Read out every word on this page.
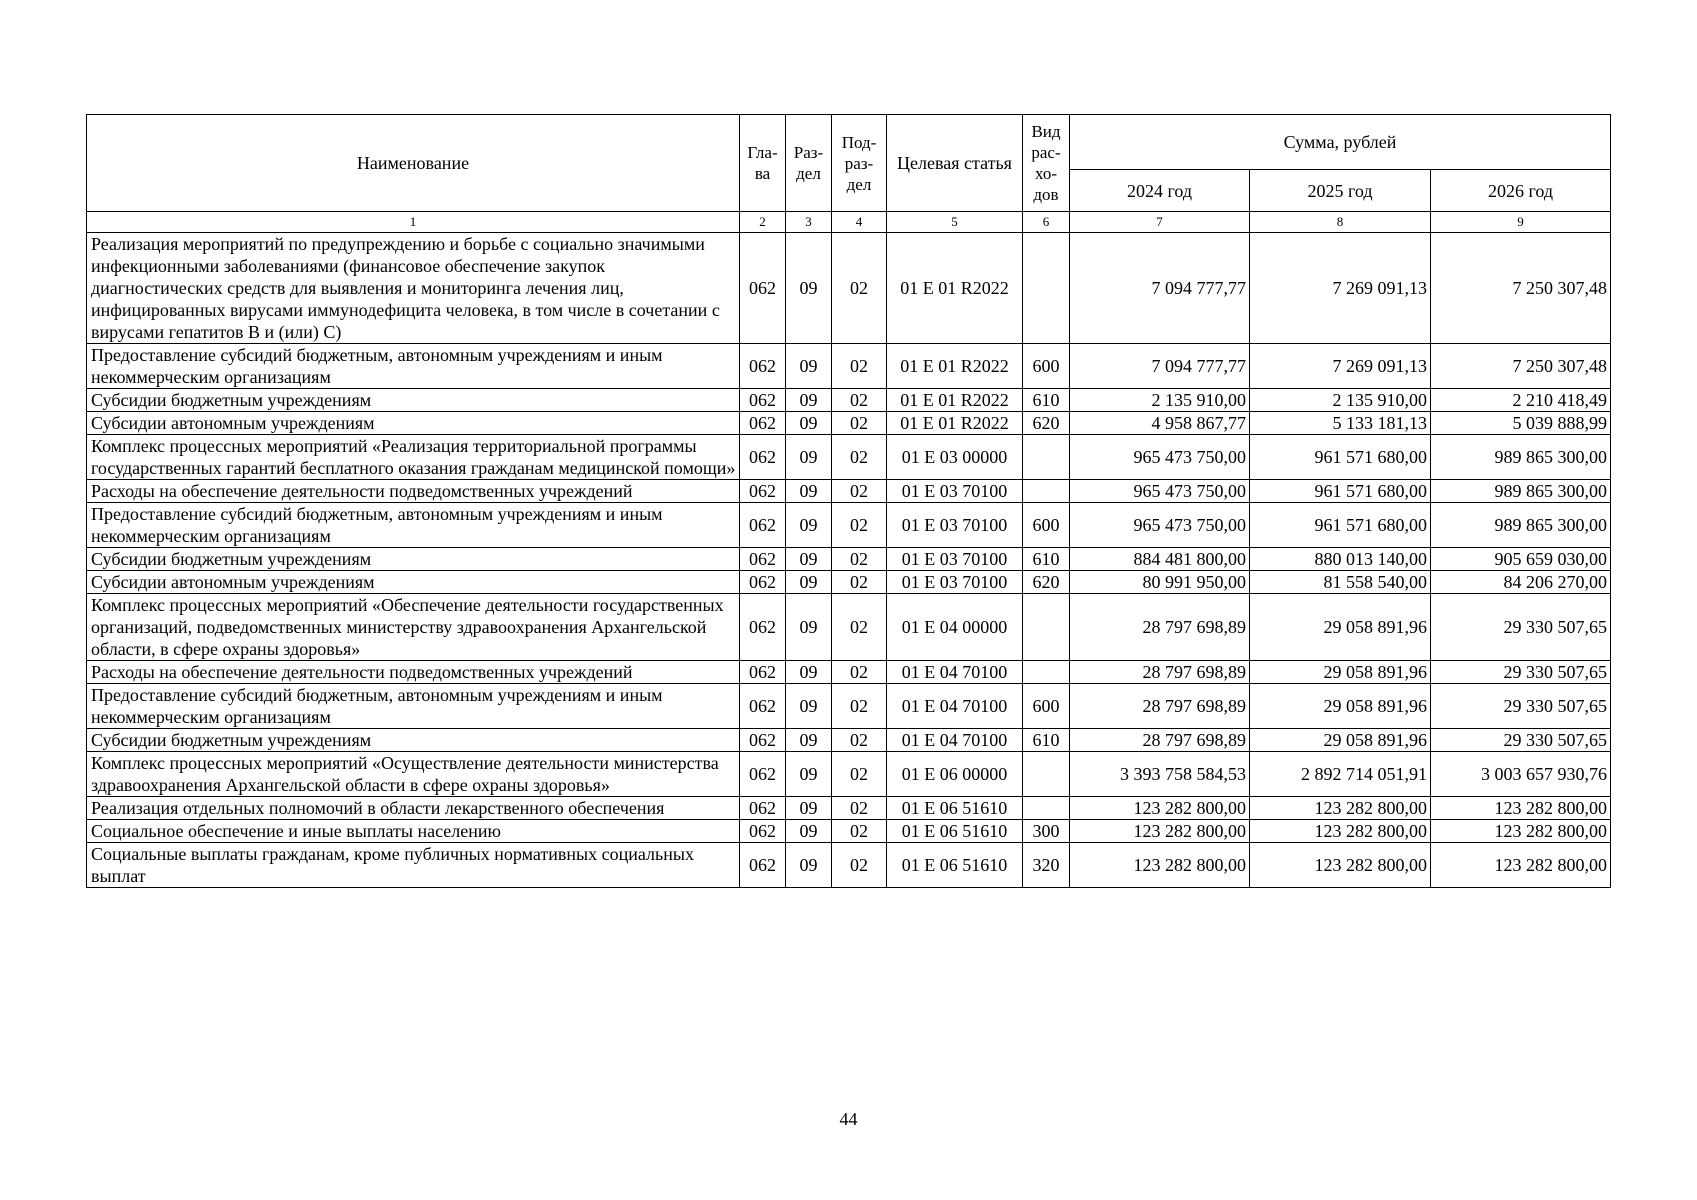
Наименование	Гла-ва	Раз-дел	Под-раз-дел	Целевая статья	Вид рас-хо-дов	Сумма, рублей		
						2024 год	2025 год	2026 год
1	2	3	4	5	6	7	8	9
Реализация мероприятий по предупреждению и борьбе с социально значимыми инфекционными заболеваниями (финансовое обеспечение закупок диагностических средств для выявления и мониторинга лечения лиц, инфицированных вирусами иммунодефицита человека, в том числе в сочетании с вирусами гепатитов B и (или) C)	062	09	02	01 Е 01 R2022		7 094 777,77	7 269 091,13	7 250 307,48
Предоставление субсидий бюджетным, автономным учреждениям и иным некоммерческим организациям	062	09	02	01 Е 01 R2022	600	7 094 777,77	7 269 091,13	7 250 307,48
Субсидии бюджетным учреждениям	062	09	02	01 Е 01 R2022	610	2 135 910,00	2 135 910,00	2 210 418,49
Субсидии автономным учреждениям	062	09	02	01 Е 01 R2022	620	4 958 867,77	5 133 181,13	5 039 888,99
Комплекс процессных мероприятий «Реализация территориальной программы государственных гарантий бесплатного оказания гражданам медицинской помощи»	062	09	02	01 Е 03 00000		965 473 750,00	961 571 680,00	989 865 300,00
Расходы на обеспечение деятельности подведомственных учреждений	062	09	02	01 Е 03 70100		965 473 750,00	961 571 680,00	989 865 300,00
Предоставление субсидий бюджетным, автономным учреждениям и иным некоммерческим организациям	062	09	02	01 Е 03 70100	600	965 473 750,00	961 571 680,00	989 865 300,00
Субсидии бюджетным учреждениям	062	09	02	01 Е 03 70100	610	884 481 800,00	880 013 140,00	905 659 030,00
Субсидии автономным учреждениям	062	09	02	01 Е 03 70100	620	80 991 950,00	81 558 540,00	84 206 270,00
Комплекс процессных мероприятий «Обеспечение деятельности государственных организаций, подведомственных министерству здравоохранения Архангельской области, в сфере охраны здоровья»	062	09	02	01 Е 04 00000		28 797 698,89	29 058 891,96	29 330 507,65
Расходы на обеспечение деятельности подведомственных учреждений	062	09	02	01 Е 04 70100		28 797 698,89	29 058 891,96	29 330 507,65
Предоставление субсидий бюджетным, автономным учреждениям и иным некоммерческим организациям	062	09	02	01 Е 04 70100	600	28 797 698,89	29 058 891,96	29 330 507,65
Субсидии бюджетным учреждениям	062	09	02	01 Е 04 70100	610	28 797 698,89	29 058 891,96	29 330 507,65
Комплекс процессных мероприятий «Осуществление деятельности министерства здравоохранения Архангельской области в сфере охраны здоровья»	062	09	02	01 Е 06 00000		3 393 758 584,53	2 892 714 051,91	3 003 657 930,76
Реализация отдельных полномочий в области лекарственного обеспечения	062	09	02	01 Е 06 51610		123 282 800,00	123 282 800,00	123 282 800,00
Социальное обеспечение и иные выплаты населению	062	09	02	01 Е 06 51610	300	123 282 800,00	123 282 800,00	123 282 800,00
Социальные выплаты гражданам, кроме публичных нормативных социальных выплат	062	09	02	01 Е 06 51610	320	123 282 800,00	123 282 800,00	123 282 800,00
44
